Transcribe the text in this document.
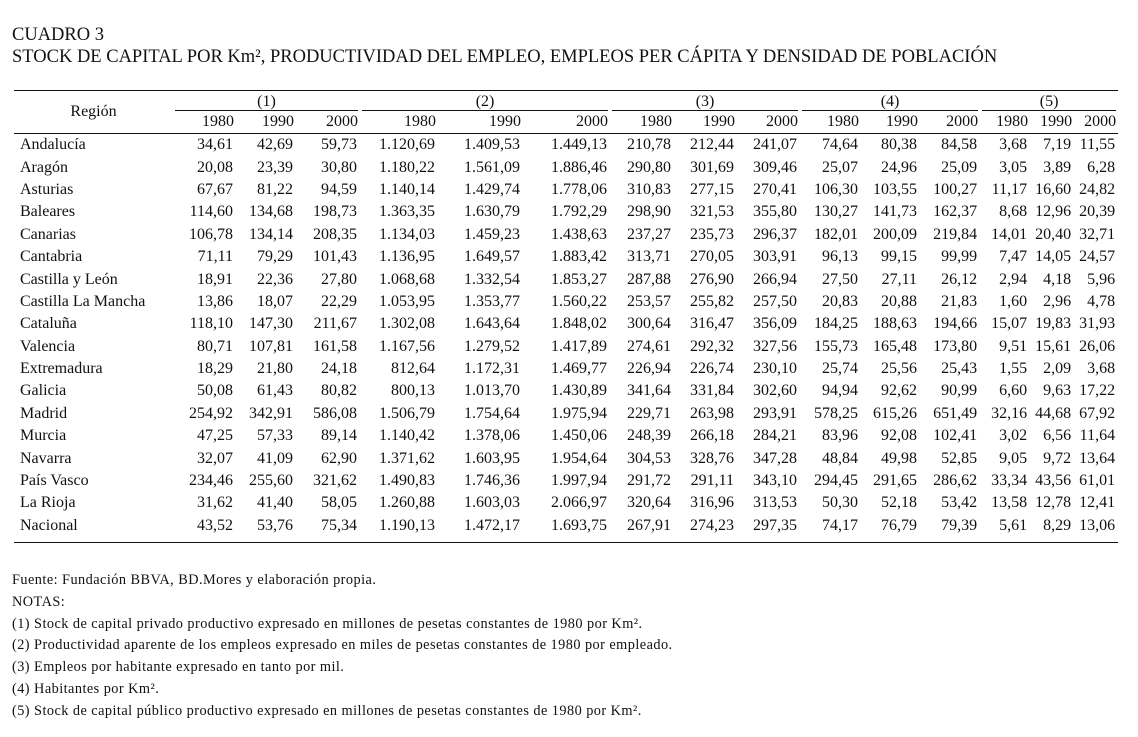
CUADRO 3
STOCK DE CAPITAL POR Km², PRODUCTIVIDAD DEL EMPLEO, EMPLEOS PER CÁPITA Y DENSIDAD DE POBLACIÓN
Región	(1)			(2)			(3)			(4)			(5)		

	1980	1990	2000	1980	1990	2000	1980	1990	2000	1980	1990	2000	1980	1990	2000
Andalucía	34,61	42,69	59,73	1.120,69	1.409,53	1.449,13	210,78	212,44	241,07	74,64	80,38	84,58	3,68	7,19	11,55
Aragón	20,08	23,39	30,80	1.180,22	1.561,09	1.886,46	290,80	301,69	309,46	25,07	24,96	25,09	3,05	3,89	6,28
Asturias	67,67	81,22	94,59	1.140,14	1.429,74	1.778,06	310,83	277,15	270,41	106,30	103,55	100,27	11,17	16,60	24,82
Baleares	114,60	134,68	198,73	1.363,35	1.630,79	1.792,29	298,90	321,53	355,80	130,27	141,73	162,37	8,68	12,96	20,39
Canarias	106,78	134,14	208,35	1.134,03	1.459,23	1.438,63	237,27	235,73	296,37	182,01	200,09	219,84	14,01	20,40	32,71
Cantabria	71,11	79,29	101,43	1.136,95	1.649,57	1.883,42	313,71	270,05	303,91	96,13	99,15	99,99	7,47	14,05	24,57
Castilla y León	18,91	22,36	27,80	1.068,68	1.332,54	1.853,27	287,88	276,90	266,94	27,50	27,11	26,12	2,94	4,18	5,96
Castilla La Mancha	13,86	18,07	22,29	1.053,95	1.353,77	1.560,22	253,57	255,82	257,50	20,83	20,88	21,83	1,60	2,96	4,78
Cataluña	118,10	147,30	211,67	1.302,08	1.643,64	1.848,02	300,64	316,47	356,09	184,25	188,63	194,66	15,07	19,83	31,93
Valencia	80,71	107,81	161,58	1.167,56	1.279,52	1.417,89	274,61	292,32	327,56	155,73	165,48	173,80	9,51	15,61	26,06
Extremadura	18,29	21,80	24,18	812,64	1.172,31	1.469,77	226,94	226,74	230,10	25,74	25,56	25,43	1,55	2,09	3,68
Galicia	50,08	61,43	80,82	800,13	1.013,70	1.430,89	341,64	331,84	302,60	94,94	92,62	90,99	6,60	9,63	17,22
Madrid	254,92	342,91	586,08	1.506,79	1.754,64	1.975,94	229,71	263,98	293,91	578,25	615,26	651,49	32,16	44,68	67,92
Murcia	47,25	57,33	89,14	1.140,42	1.378,06	1.450,06	248,39	266,18	284,21	83,96	92,08	102,41	3,02	6,56	11,64
Navarra	32,07	41,09	62,90	1.371,62	1.603,95	1.954,64	304,53	328,76	347,28	48,84	49,98	52,85	9,05	9,72	13,64
País Vasco	234,46	255,60	321,62	1.490,83	1.746,36	1.997,94	291,72	291,11	343,10	294,45	291,65	286,62	33,34	43,56	61,01
La Rioja	31,62	41,40	58,05	1.260,88	1.603,03	2.066,97	320,64	316,96	313,53	50,30	52,18	53,42	13,58	12,78	12,41
Nacional	43,52	53,76	75,34	1.190,13	1.472,17	1.693,75	267,91	274,23	297,35	74,17	76,79	79,39	5,61	8,29	13,06
Fuente: Fundación BBVA, BD.Mores y elaboración propia.
NOTAS:
(1) Stock de capital privado productivo expresado en millones de pesetas constantes de 1980 por Km².
(2) Productividad aparente de los empleos expresado en miles de pesetas constantes de 1980 por empleado.
(3) Empleos por habitante expresado en tanto por mil.
(4) Habitantes por Km².
(5) Stock de capital público productivo expresado en millones de pesetas constantes de 1980 por Km².
